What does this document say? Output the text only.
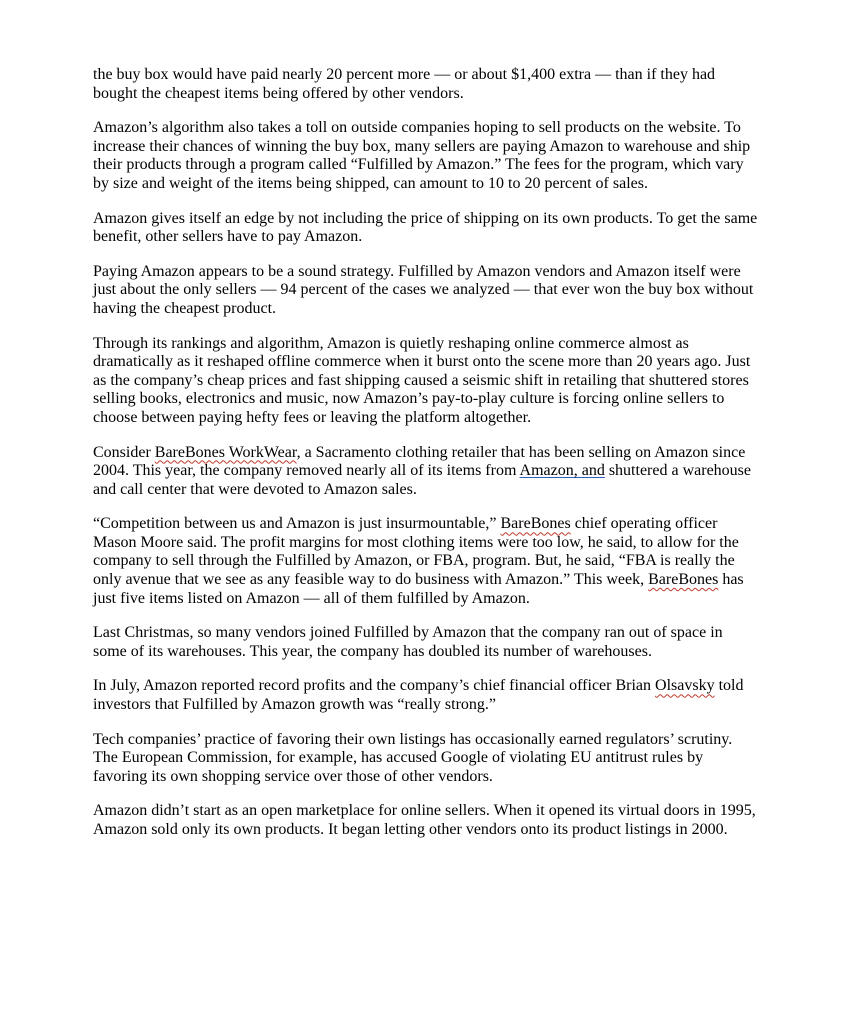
the buy box would have paid nearly 20 percent more — or about $1,400 extra — than if they had bought the cheapest items being offered by other vendors.

Amazon’s algorithm also takes a toll on outside companies hoping to sell products on the website. To increase their chances of winning the buy box, many sellers are paying Amazon to warehouse and ship their products through a program called “Fulfilled by Amazon.” The fees for the program, which vary by size and weight of the items being shipped, can amount to 10 to 20 percent of sales.

Amazon gives itself an edge by not including the price of shipping on its own products. To get the same benefit, other sellers have to pay Amazon.

Paying Amazon appears to be a sound strategy. Fulfilled by Amazon vendors and Amazon itself were just about the only sellers — 94 percent of the cases we analyzed — that ever won the buy box without having the cheapest product.

Through its rankings and algorithm, Amazon is quietly reshaping online commerce almost as dramatically as it reshaped offline commerce when it burst onto the scene more than 20 years ago. Just as the company’s cheap prices and fast shipping caused a seismic shift in retailing that shuttered stores selling books, electronics and music, now Amazon’s pay-to-play culture is forcing online sellers to choose between paying hefty fees or leaving the platform altogether.

Consider BareBones WorkWear, a Sacramento clothing retailer that has been selling on Amazon since 2004. This year, the company removed nearly all of its items from Amazon, and shuttered a warehouse and call center that were devoted to Amazon sales.

“Competition between us and Amazon is just insurmountable,” BareBones chief operating officer Mason Moore said. The profit margins for most clothing items were too low, he said, to allow for the company to sell through the Fulfilled by Amazon, or FBA, program. But, he said, “FBA is really the only avenue that we see as any feasible way to do business with Amazon.” This week, BareBones has just five items listed on Amazon — all of them fulfilled by Amazon.

Last Christmas, so many vendors joined Fulfilled by Amazon that the company ran out of space in some of its warehouses. This year, the company has doubled its number of warehouses.

In July, Amazon reported record profits and the company’s chief financial officer Brian Olsavsky told investors that Fulfilled by Amazon growth was “really strong.”

Tech companies’ practice of favoring their own listings has occasionally earned regulators’ scrutiny. The European Commission, for example, has accused Google of violating EU antitrust rules by favoring its own shopping service over those of other vendors.

Amazon didn’t start as an open marketplace for online sellers. When it opened its virtual doors in 1995, Amazon sold only its own products. It began letting other vendors onto its product listings in 2000.
